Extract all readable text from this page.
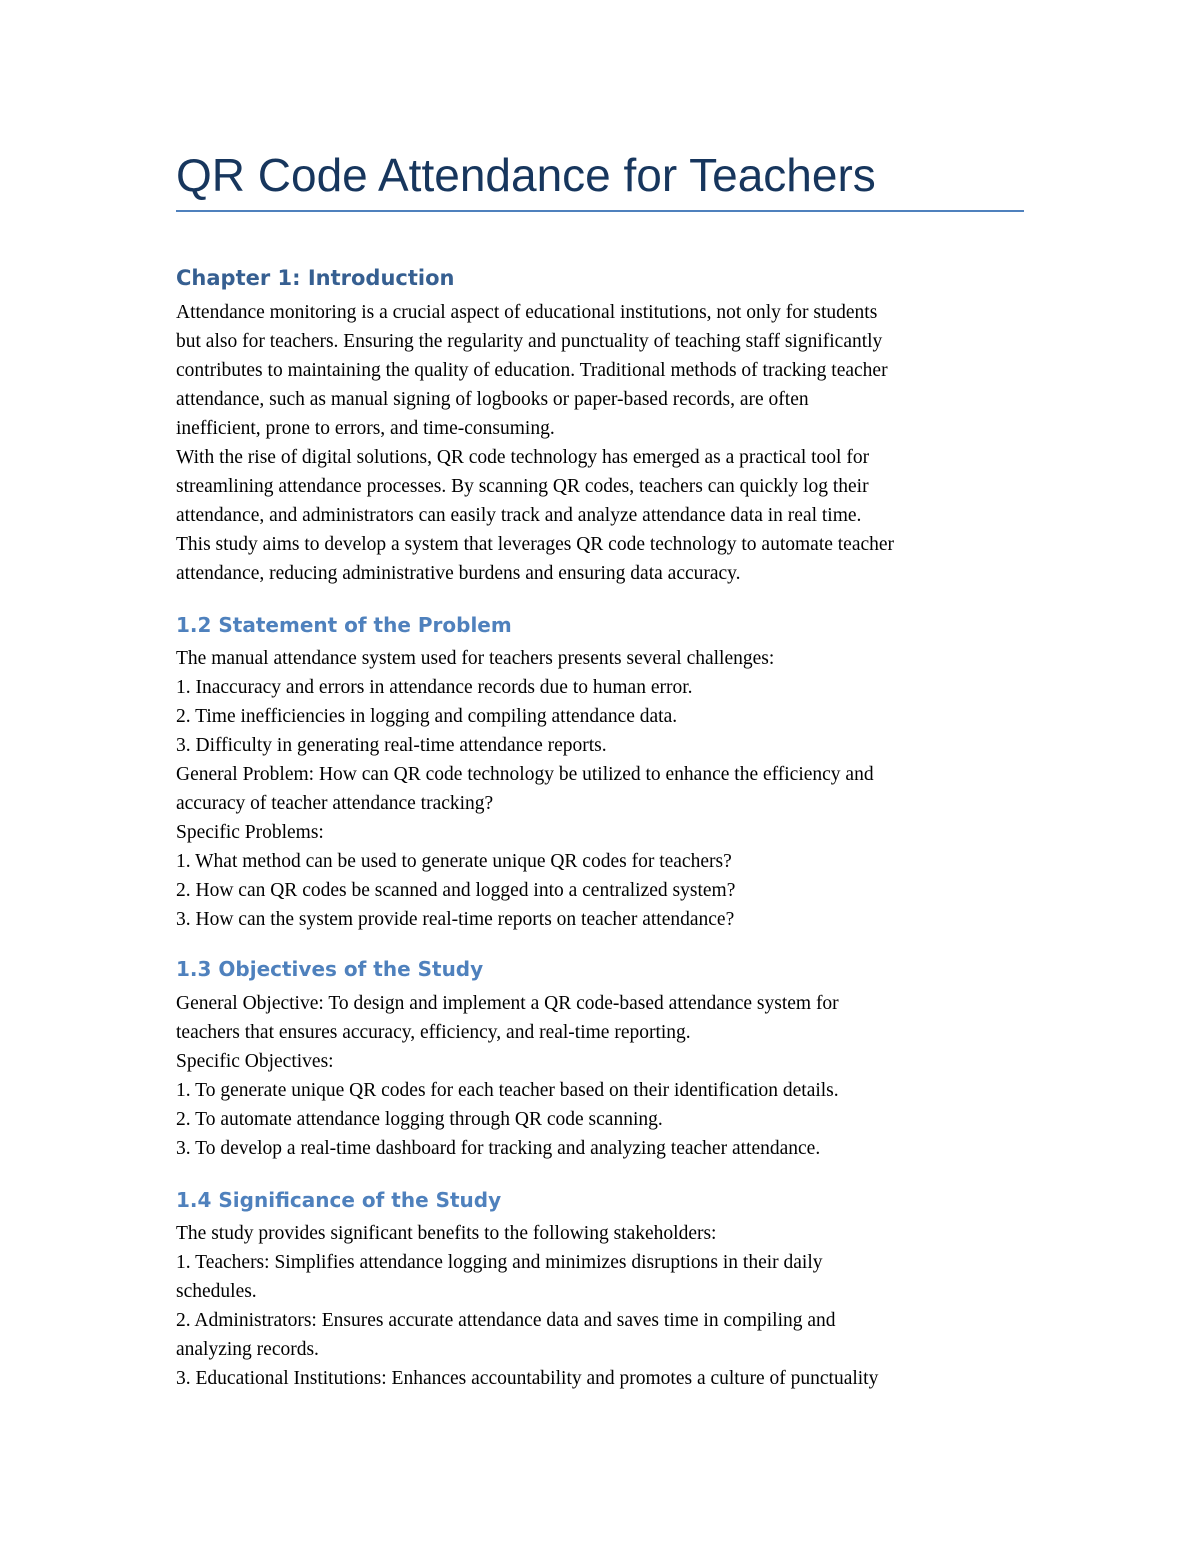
QR Code Attendance for Teachers
Chapter 1: Introduction
Attendance monitoring is a crucial aspect of educational institutions, not only for students
but also for teachers. Ensuring the regularity and punctuality of teaching staff significantly
contributes to maintaining the quality of education. Traditional methods of tracking teacher
attendance, such as manual signing of logbooks or paper-based records, are often
inefficient, prone to errors, and time-consuming.
With the rise of digital solutions, QR code technology has emerged as a practical tool for
streamlining attendance processes. By scanning QR codes, teachers can quickly log their
attendance, and administrators can easily track and analyze attendance data in real time.
This study aims to develop a system that leverages QR code technology to automate teacher
attendance, reducing administrative burdens and ensuring data accuracy.
1.2 Statement of the Problem
The manual attendance system used for teachers presents several challenges:
1. Inaccuracy and errors in attendance records due to human error.
2. Time inefficiencies in logging and compiling attendance data.
3. Difficulty in generating real-time attendance reports.
General Problem: How can QR code technology be utilized to enhance the efficiency and
accuracy of teacher attendance tracking?
Specific Problems:
1. What method can be used to generate unique QR codes for teachers?
2. How can QR codes be scanned and logged into a centralized system?
3. How can the system provide real-time reports on teacher attendance?
1.3 Objectives of the Study
General Objective: To design and implement a QR code-based attendance system for
teachers that ensures accuracy, efficiency, and real-time reporting.
Specific Objectives:
1. To generate unique QR codes for each teacher based on their identification details.
2. To automate attendance logging through QR code scanning.
3. To develop a real-time dashboard for tracking and analyzing teacher attendance.
1.4 Significance of the Study
The study provides significant benefits to the following stakeholders:
1. Teachers: Simplifies attendance logging and minimizes disruptions in their daily
schedules.
2. Administrators: Ensures accurate attendance data and saves time in compiling and
analyzing records.
3. Educational Institutions: Enhances accountability and promotes a culture of punctuality
